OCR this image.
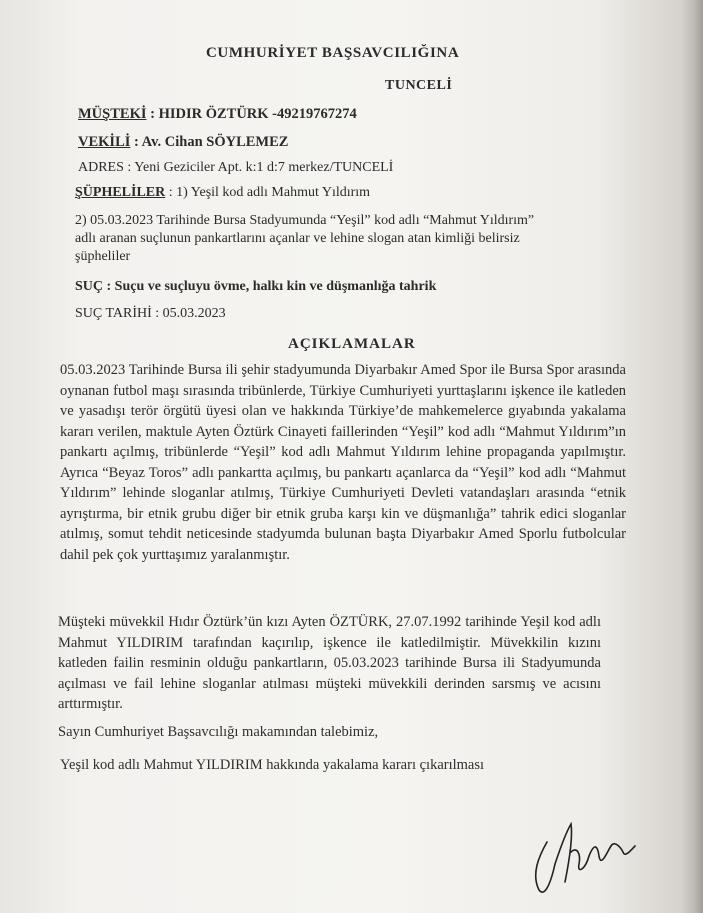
CUMHURİYET BAŞSAVCILIĞINA
TUNCELİ
MÜŞTEKİ : HIDIR ÖZTÜRK -49219767274
VEKİLİ : Av. Cihan SÖYLEMEZ
ADRES : Yeni Geziciler Apt. k:1 d:7 merkez/TUNCELİ
ŞÜPHELİLER : 1) Yeşil kod adlı Mahmut Yıldırım
2) 05.03.2023 Tarihinde Bursa Stadyumunda “Yeşil” kod adlı “Mahmut Yıldırım” adlı aranan suçlunun pankartlarını açanlar ve lehine slogan atan kimliği belirsiz şüpheliler
SUÇ : Suçu ve suçluyu övme, halkı kin ve düşmanlığa tahrik
SUÇ TARİHİ : 05.03.2023
AÇIKLAMALAR
05.03.2023 Tarihinde Bursa ili şehir stadyumunda Diyarbakır Amed Spor ile Bursa Spor arasında oynanan futbol maşı sırasında tribünlerde, Türkiye Cumhuriyeti yurttaşlarını işkence ile katleden ve yasadışı terör örgütü üyesi olan ve hakkında Türkiye’de mahkemelerce gıyabında yakalama kararı verilen, maktule Ayten Öztürk Cinayeti faillerinden “Yeşil” kod adlı “Mahmut Yıldırım”ın pankartı açılmış, tribünlerde “Yeşil” kod adlı Mahmut Yıldırım lehine propaganda yapılmıştır. Ayrıca “Beyaz Toros” adlı pankartta açılmış, bu pankartı açanlarca da “Yeşil” kod adlı “Mahmut Yıldırım” lehinde sloganlar atılmış, Türkiye Cumhuriyeti Devleti vatandaşları arasında “etnik ayrıştırma, bir etnik grubu diğer bir etnik gruba karşı kin ve düşmanlığa” tahrik edici sloganlar atılmış, somut tehdit neticesinde stadyumda bulunan başta Diyarbakır Amed Sporlu futbolcular dahil pek çok yurttaşımız yaralanmıştır.
Müşteki müvekkil Hıdır Öztürk’ün kızı Ayten ÖZTÜRK, 27.07.1992 tarihinde Yeşil kod adlı Mahmut YILDIRIM tarafından kaçırılıp, işkence ile katledilmiştir. Müvekkilin kızını katleden failin resminin olduğu pankartların, 05.03.2023 tarihinde Bursa ili Stadyumunda açılması ve fail lehine sloganlar atılması müşteki müvekkili derinden sarsmış ve acısını arttırmıştır.
Sayın Cumhuriyet Başsavcılığı makamından talebimiz,
Yeşil kod adlı Mahmut YILDIRIM hakkında yakalama kararı çıkarılması
